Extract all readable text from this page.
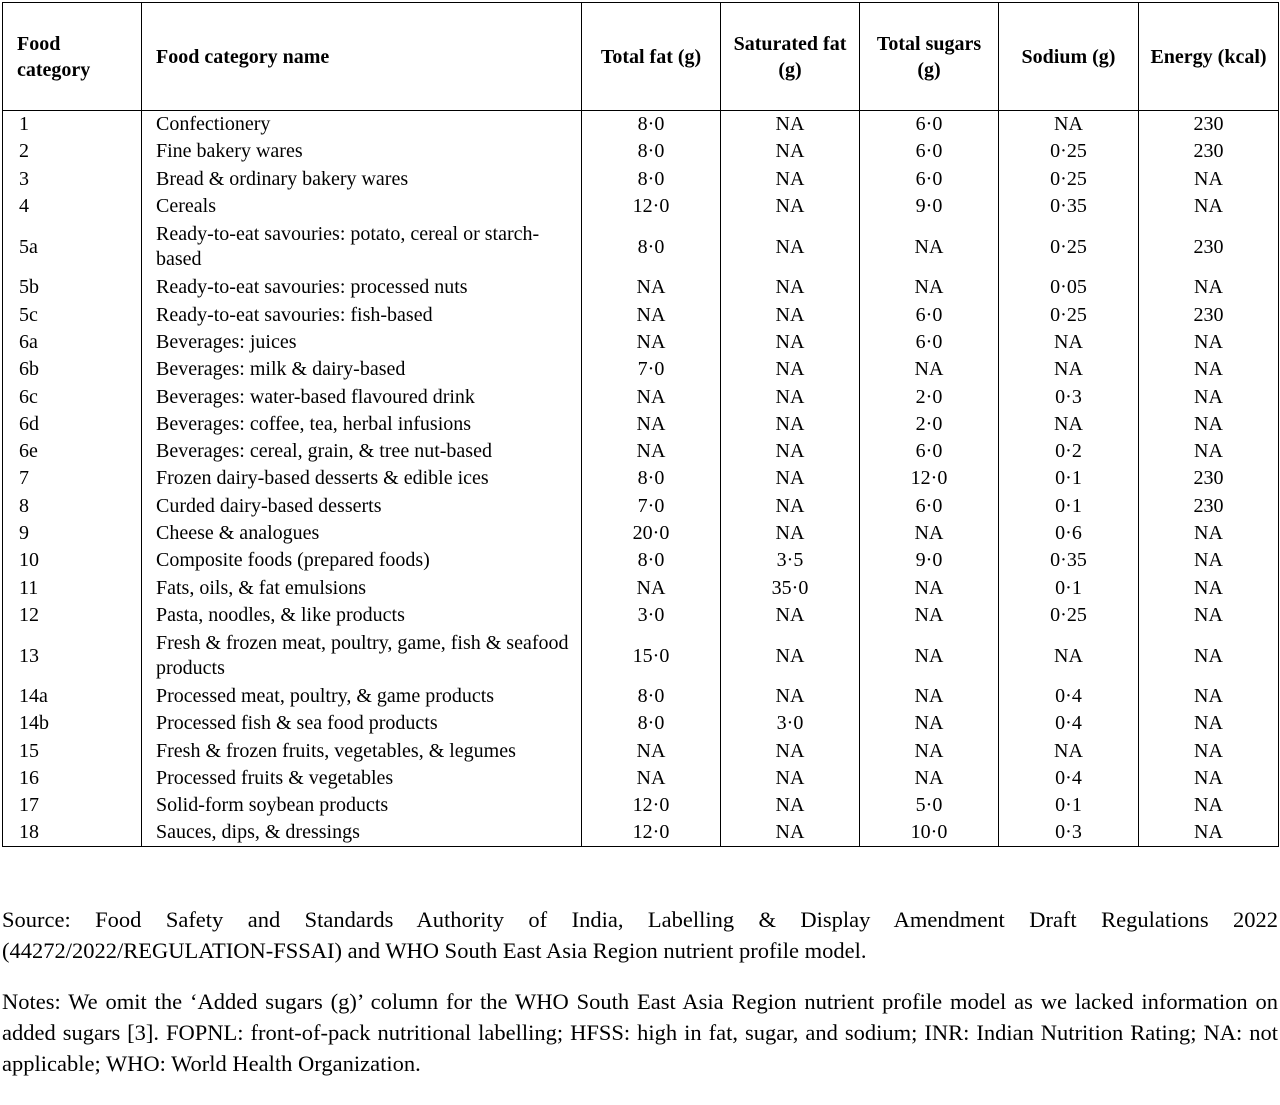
Food category	Food category name	Total fat (g)	Saturated fat (g)	Total sugars (g)	Sodium (g)	Energy (kcal)
1	Confectionery	8·0	NA	6·0	NA	230
2	Fine bakery wares	8·0	NA	6·0	0·25	230
3	Bread & ordinary bakery wares	8·0	NA	6·0	0·25	NA
4	Cereals	12·0	NA	9·0	0·35	NA
5a	Ready-to-eat savouries: potato, cereal or starch-based	8·0	NA	NA	0·25	230
5b	Ready-to-eat savouries: processed nuts	NA	NA	NA	0·05	NA
5c	Ready-to-eat savouries: fish-based	NA	NA	6·0	0·25	230
6a	Beverages: juices	NA	NA	6·0	NA	NA
6b	Beverages: milk & dairy-based	7·0	NA	NA	NA	NA
6c	Beverages: water-based flavoured drink	NA	NA	2·0	0·3	NA
6d	Beverages: coffee, tea, herbal infusions	NA	NA	2·0	NA	NA
6e	Beverages: cereal, grain, & tree nut-based	NA	NA	6·0	0·2	NA
7	Frozen dairy-based desserts & edible ices	8·0	NA	12·0	0·1	230
8	Curded dairy-based desserts	7·0	NA	6·0	0·1	230
9	Cheese & analogues	20·0	NA	NA	0·6	NA
10	Composite foods (prepared foods)	8·0	3·5	9·0	0·35	NA
11	Fats, oils, & fat emulsions	NA	35·0	NA	0·1	NA
12	Pasta, noodles, & like products	3·0	NA	NA	0·25	NA
13	Fresh & frozen meat, poultry, game, fish & seafood products	15·0	NA	NA	NA	NA
14a	Processed meat, poultry, & game products	8·0	NA	NA	0·4	NA
14b	Processed fish & sea food products	8·0	3·0	NA	0·4	NA
15	Fresh & frozen fruits, vegetables, & legumes	NA	NA	NA	NA	NA
16	Processed fruits & vegetables	NA	NA	NA	0·4	NA
17	Solid-form soybean products	12·0	NA	5·0	0·1	NA
18	Sauces, dips, & dressings	12·0	NA	10·0	0·3	NA

Source: Food Safety and Standards Authority of India, Labelling & Display Amendment Draft Regulations 2022 (44272/2022/REGULATION-FSSAI) and WHO South East Asia Region nutrient profile model.

Notes: We omit the ‘Added sugars (g)’ column for the WHO South East Asia Region nutrient profile model as we lacked information on added sugars [3]. FOPNL: front-of-pack nutritional labelling; HFSS: high in fat, sugar, and sodium; INR: Indian Nutrition Rating; NA: not applicable; WHO: World Health Organization.
